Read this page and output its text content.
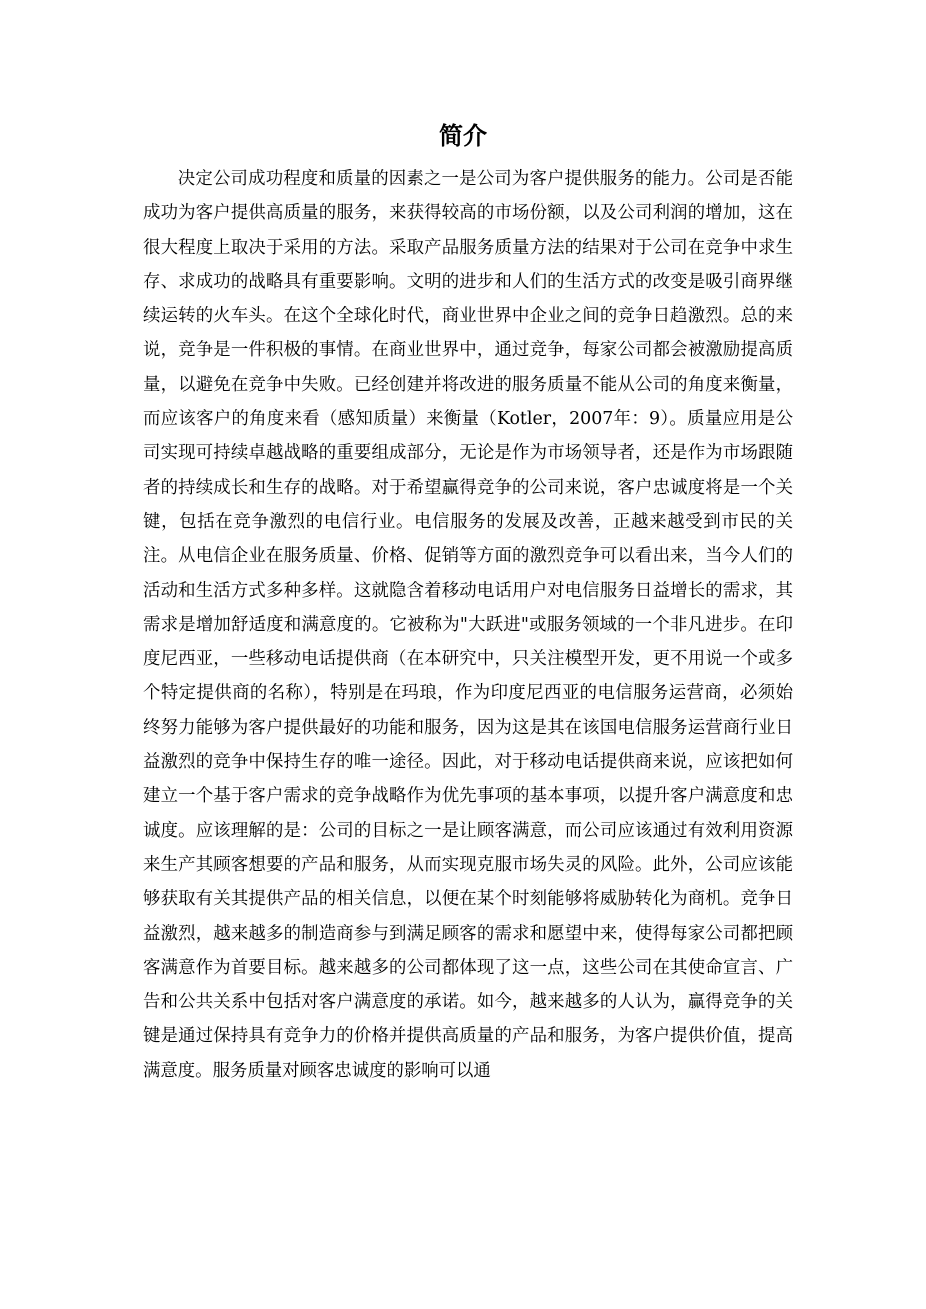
简介

决定公司成功程度和质量的因素之一是公司为客户提供服务的能力。公司是否能成功为客户提供高质量的服务，来获得较高的市场份额，以及公司利润的增加，这在很大程度上取决于采用的方法。采取产品服务质量方法的结果对于公司在竞争中求生存、求成功的战略具有重要影响。文明的进步和人们的生活方式的改变是吸引商界继续运转的火车头。在这个全球化时代，商业世界中企业之间的竞争日趋激烈。总的来说，竞争是一件积极的事情。在商业世界中，通过竞争，每家公司都会被激励提高质量，以避免在竞争中失败。已经创建并将改进的服务质量不能从公司的角度来衡量，而应该客户的角度来看（感知质量）来衡量（Kotler，2007年：9）。质量应用是公司实现可持续卓越战略的重要组成部分，无论是作为市场领导者，还是作为市场跟随者的持续成长和生存的战略。对于希望赢得竞争的公司来说，客户忠诚度将是一个关键，包括在竞争激烈的电信行业。电信服务的发展及改善，正越来越受到市民的关注。从电信企业在服务质量、价格、促销等方面的激烈竞争可以看出来，当今人们的活动和生活方式多种多样。这就隐含着移动电话用户对电信服务日益增长的需求，其需求是增加舒适度和满意度的。它被称为"大跃进"或服务领域的一个非凡进步。在印度尼西亚，一些移动电话提供商（在本研究中，只关注模型开发，更不用说一个或多个特定提供商的名称），特别是在玛琅，作为印度尼西亚的电信服务运营商，必须始终努力能够为客户提供最好的功能和服务，因为这是其在该国电信服务运营商行业日益激烈的竞争中保持生存的唯一途径。因此，对于移动电话提供商来说，应该把如何建立一个基于客户需求的竞争战略作为优先事项的基本事项，以提升客户满意度和忠诚度。应该理解的是：公司的目标之一是让顾客满意，而公司应该通过有效利用资源来生产其顾客想要的产品和服务，从而实现克服市场失灵的风险。此外，公司应该能够获取有关其提供产品的相关信息，以便在某个时刻能够将威胁转化为商机。竞争日益激烈，越来越多的制造商参与到满足顾客的需求和愿望中来，使得每家公司都把顾客满意作为首要目标。越来越多的公司都体现了这一点，这些公司在其使命宣言、广告和公共关系中包括对客户满意度的承诺。如今，越来越多的人认为，赢得竞争的关键是通过保持具有竞争力的价格并提供高质量的产品和服务，为客户提供价值，提高满意度。服务质量对顾客忠诚度的影响可以通
